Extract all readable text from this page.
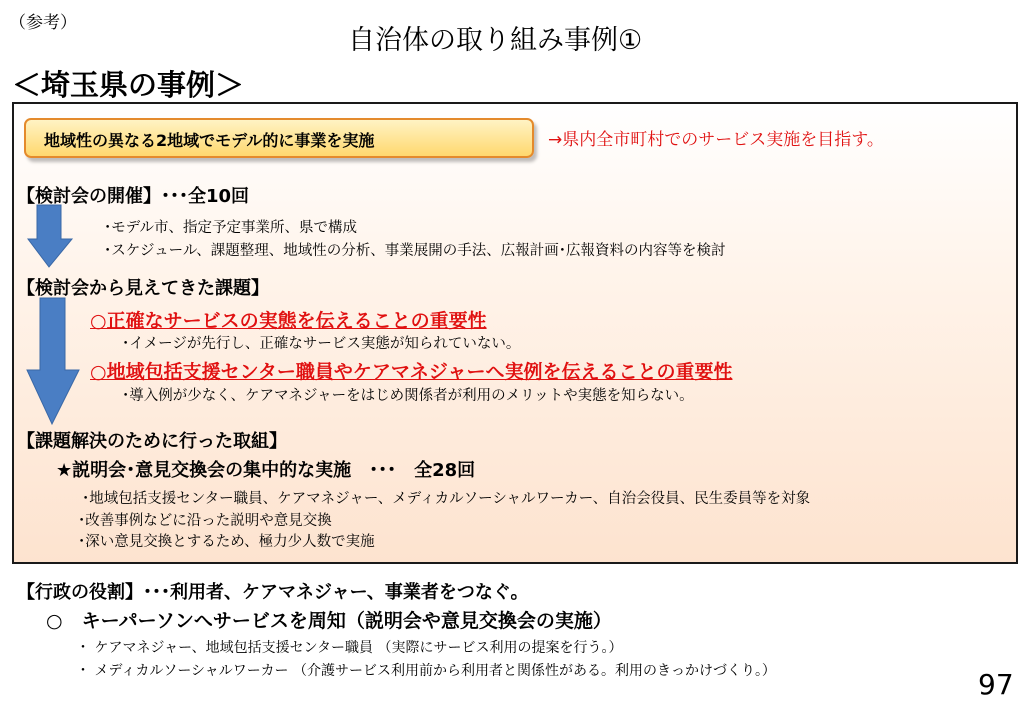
（参考）
自治体の取り組み事例①
＜埼玉県の事例＞
地域性の異なる2地域でモデル的に事業を実施	→県内全市町村でのサービス実施を目指す。
【検討会の開催】･･･全10回
･モデル市、指定予定事業所、県で構成
･スケジュール、課題整理、地域性の分析、事業展開の手法、広報計画･広報資料の内容等を検討
【検討会から見えてきた課題】
○正確なサービスの実態を伝えることの重要性
･イメージが先行し、正確なサービス実態が知られていない。
○地域包括支援センター職員やケアマネジャーへ実例を伝えることの重要性
･導入例が少なく、ケアマネジャーをはじめ関係者が利用のメリットや実態を知らない。
【課題解決のために行った取組】
★説明会･意見交換会の集中的な実施　･･･　全28回
･地域包括支援センター職員、ケアマネジャー、メディカルソーシャルワーカー、自治会役員、民生委員等を対象
･改善事例などに沿った説明や意見交換
･深い意見交換とするため、極力少人数で実施
【行政の役割】･･･利用者、ケアマネジャー、事業者をつなぐ。
○　キーパーソンへサービスを周知（説明会や意見交換会の実施）
・ ケアマネジャー、地域包括支援センター職員 （実際にサービス利用の提案を行う。）
・ メディカルソーシャルワーカー （介護サービス利用前から利用者と関係性がある。利用のきっかけづくり。）	97
